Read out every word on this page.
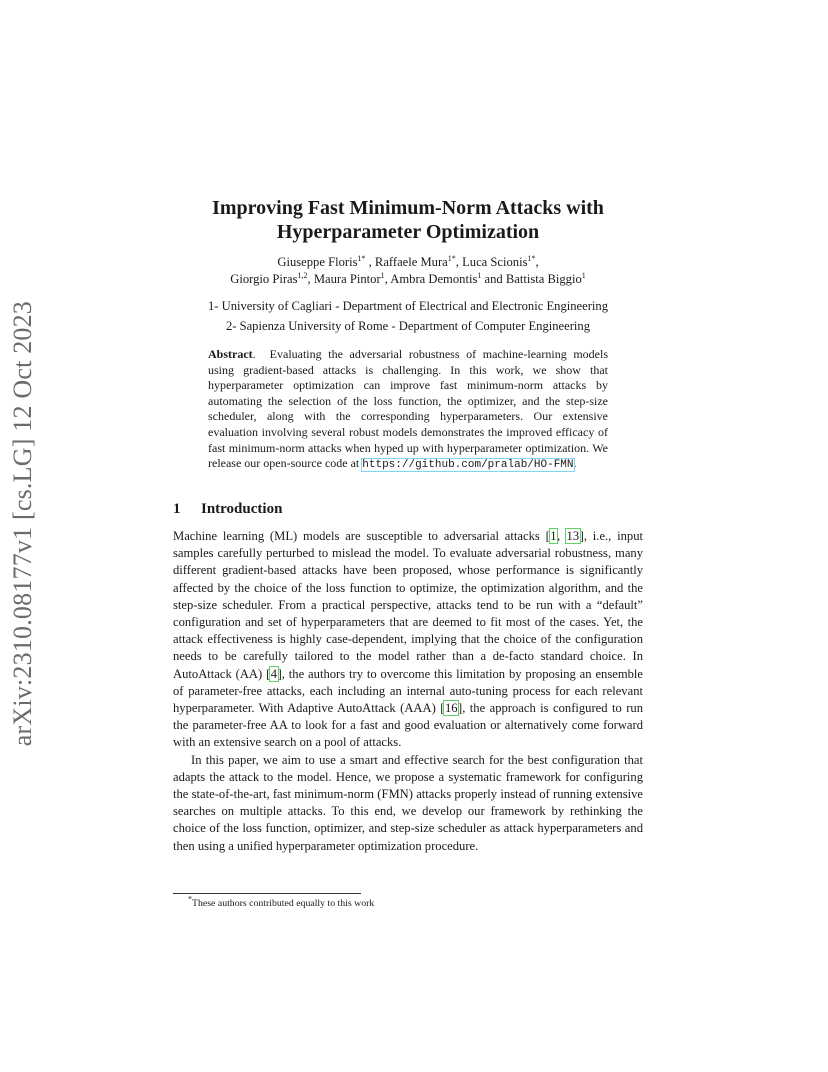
arXiv:2310.08177v1 [cs.LG] 12 Oct 2023
Improving Fast Minimum-Norm Attacks with
Hyperparameter Optimization
Giuseppe Floris$^{1*}$ , Raffaele Mura$^{1*}$, Luca Scionis$^{1*}$,
Giorgio Piras$^{1,2}$, Maura Pintor$^1$, Ambra Demontis$^1$ and Battista Biggio$^1$
1- University of Cagliari - Department of Electrical and Electronic Engineering
2- Sapienza University of Rome - Department of Computer Engineering
Abstract. Evaluating the adversarial robustness of machine-learning models using gradient-based attacks is challenging. In this work, we show that hyperparameter optimization can improve fast minimum-norm attacks by automating the selection of the loss function, the optimizer, and the step-size scheduler, along with the corresponding hyperparameters. Our extensive evaluation involving several robust models demonstrates the improved efficacy of fast minimum-norm attacks when hyped up with hyperparameter optimization. We release our open-source code at https://github.com/pralab/HO-FMN.
1 Introduction

Machine learning (ML) models are susceptible to adversarial attacks [1, 13], i.e., input samples carefully perturbed to mislead the model. To evaluate adversarial robustness, many different gradient-based attacks have been proposed, whose performance is significantly affected by the choice of the loss function to optimize, the optimization algorithm, and the step-size scheduler. From a practical perspective, attacks tend to be run with a “default” configuration and set of hyperparameters that are deemed to fit most of the cases. Yet, the attack effectiveness is highly case-dependent, implying that the choice of the configuration needs to be carefully tailored to the model rather than a de-facto standard choice. In AutoAttack (AA) [4], the authors try to overcome this limitation by proposing an ensemble of parameter-free attacks, each including an internal auto-tuning process for each relevant hyperparameter. With Adaptive AutoAttack (AAA) [16], the approach is configured to run the parameter-free AA to look for a fast and good evaluation or alternatively come forward with an extensive search on a pool of attacks.

In this paper, we aim to use a smart and effective search for the best configuration that adapts the attack to the model. Hence, we propose a systematic framework for configuring the state-of-the-art, fast minimum-norm (FMN) attacks properly instead of running extensive searches on multiple attacks. To this end, we develop our framework by rethinking the choice of the loss function, optimizer, and step-size scheduler as attack hyperparameters and then using a unified hyperparameter optimization procedure.

*These authors contributed equally to this work
